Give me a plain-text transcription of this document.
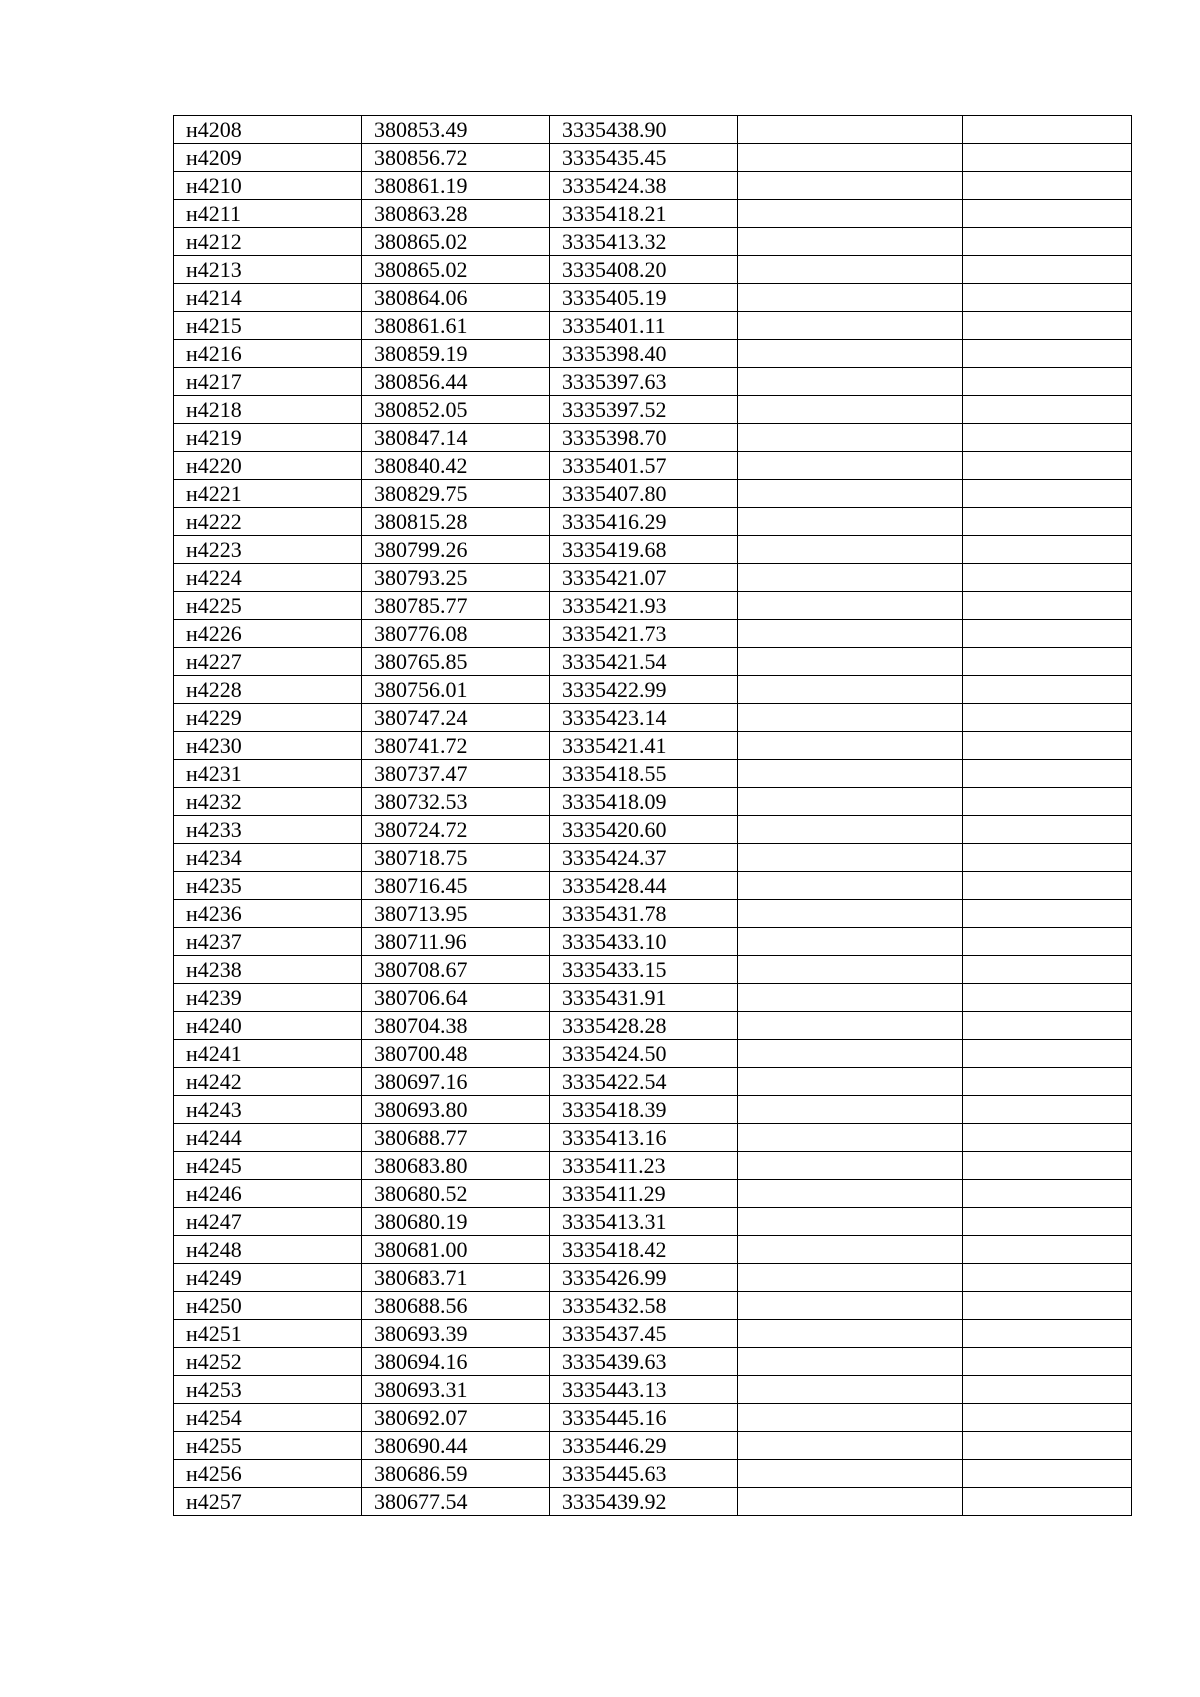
н4208	380853.49	3335438.90		
н4209	380856.72	3335435.45		
н4210	380861.19	3335424.38		
н4211	380863.28	3335418.21		
н4212	380865.02	3335413.32		
н4213	380865.02	3335408.20		
н4214	380864.06	3335405.19		
н4215	380861.61	3335401.11		
н4216	380859.19	3335398.40		
н4217	380856.44	3335397.63		
н4218	380852.05	3335397.52		
н4219	380847.14	3335398.70		
н4220	380840.42	3335401.57		
н4221	380829.75	3335407.80		
н4222	380815.28	3335416.29		
н4223	380799.26	3335419.68		
н4224	380793.25	3335421.07		
н4225	380785.77	3335421.93		
н4226	380776.08	3335421.73		
н4227	380765.85	3335421.54		
н4228	380756.01	3335422.99		
н4229	380747.24	3335423.14		
н4230	380741.72	3335421.41		
н4231	380737.47	3335418.55		
н4232	380732.53	3335418.09		
н4233	380724.72	3335420.60		
н4234	380718.75	3335424.37		
н4235	380716.45	3335428.44		
н4236	380713.95	3335431.78		
н4237	380711.96	3335433.10		
н4238	380708.67	3335433.15		
н4239	380706.64	3335431.91		
н4240	380704.38	3335428.28		
н4241	380700.48	3335424.50		
н4242	380697.16	3335422.54		
н4243	380693.80	3335418.39		
н4244	380688.77	3335413.16		
н4245	380683.80	3335411.23		
н4246	380680.52	3335411.29		
н4247	380680.19	3335413.31		
н4248	380681.00	3335418.42		
н4249	380683.71	3335426.99		
н4250	380688.56	3335432.58		
н4251	380693.39	3335437.45		
н4252	380694.16	3335439.63		
н4253	380693.31	3335443.13		
н4254	380692.07	3335445.16		
н4255	380690.44	3335446.29		
н4256	380686.59	3335445.63		
н4257	380677.54	3335439.92		
